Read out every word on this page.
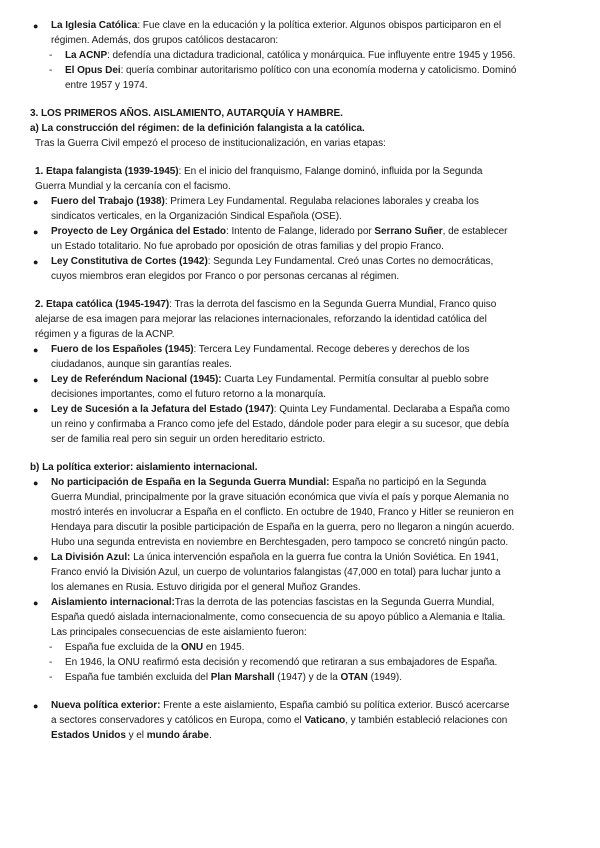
● La Iglesia Católica: Fue clave en la educación y la política exterior. Algunos obispos participaron en el
régimen. Además, dos grupos católicos destacaron:
- La ACNP: defendía una dictadura tradicional, católica y monárquica. Fue influyente entre 1945 y 1956.
- El Opus Dei: quería combinar autoritarismo político con una economía moderna y catolicismo. Dominó
entre 1957 y 1974.
3. LOS PRIMEROS AÑOS. AISLAMIENTO, AUTARQUÍA Y HAMBRE.
a) La construcción del régimen: de la definición falangista a la católica.
Tras la Guerra Civil empezó el proceso de institucionalización, en varias etapas:
1. Etapa falangista (1939-1945): En el inicio del franquismo, Falange dominó, influida por la Segunda
Guerra Mundial y la cercanía con el facismo.
● Fuero del Trabajo (1938): Primera Ley Fundamental. Regulaba relaciones laborales y creaba los
sindicatos verticales, en la Organización Sindical Española (OSE).
● Proyecto de Ley Orgánica del Estado: Intento de Falange, liderado por Serrano Suñer, de establecer
un Estado totalitario. No fue aprobado por oposición de otras familias y del propio Franco.
● Ley Constitutiva de Cortes (1942): Segunda Ley Fundamental. Creó unas Cortes no democráticas,
cuyos miembros eran elegidos por Franco o por personas cercanas al régimen.
2. Etapa católica (1945-1947): Tras la derrota del fascismo en la Segunda Guerra Mundial, Franco quiso
alejarse de esa imagen para mejorar las relaciones internacionales, reforzando la identidad católica del
régimen y a figuras de la ACNP.
● Fuero de los Españoles (1945): Tercera Ley Fundamental. Recoge deberes y derechos de los
ciudadanos, aunque sin garantías reales.
● Ley de Referéndum Nacional (1945): Cuarta Ley Fundamental. Permitía consultar al pueblo sobre
decisiones importantes, como el futuro retorno a la monarquía.
● Ley de Sucesión a la Jefatura del Estado (1947): Quinta Ley Fundamental. Declaraba a España como
un reino y confirmaba a Franco como jefe del Estado, dándole poder para elegir a su sucesor, que debía
ser de familia real pero sin seguir un orden hereditario estricto.
b) La política exterior: aislamiento internacional.
● No participación de España en la Segunda Guerra Mundial: España no participó en la Segunda
Guerra Mundial, principalmente por la grave situación económica que vivía el país y porque Alemania no
mostró interés en involucrar a España en el conflicto. En octubre de 1940, Franco y Hitler se reunieron en
Hendaya para discutir la posible participación de España en la guerra, pero no llegaron a ningún acuerdo.
Hubo una segunda entrevista en noviembre en Berchtesgaden, pero tampoco se concretó ningún pacto.
● La División Azul: La única intervención española en la guerra fue contra la Unión Soviética. En 1941,
Franco envió la División Azul, un cuerpo de voluntarios falangistas (47,000 en total) para luchar junto a
los alemanes en Rusia. Estuvo dirigida por el general Muñoz Grandes.
● Aislamiento internacional:Tras la derrota de las potencias fascistas en la Segunda Guerra Mundial,
España quedó aislada internacionalmente, como consecuencia de su apoyo público a Alemania e Italia.
Las principales consecuencias de este aislamiento fueron:
- España fue excluida de la ONU en 1945.
- En 1946, la ONU reafirmó esta decisión y recomendó que retiraran a sus embajadores de España.
- España fue también excluida del Plan Marshall (1947) y de la OTAN (1949).
● Nueva política exterior: Frente a este aislamiento, España cambió su política exterior. Buscó acercarse
a sectores conservadores y católicos en Europa, como el Vaticano, y también estableció relaciones con
Estados Unidos y el mundo árabe.
